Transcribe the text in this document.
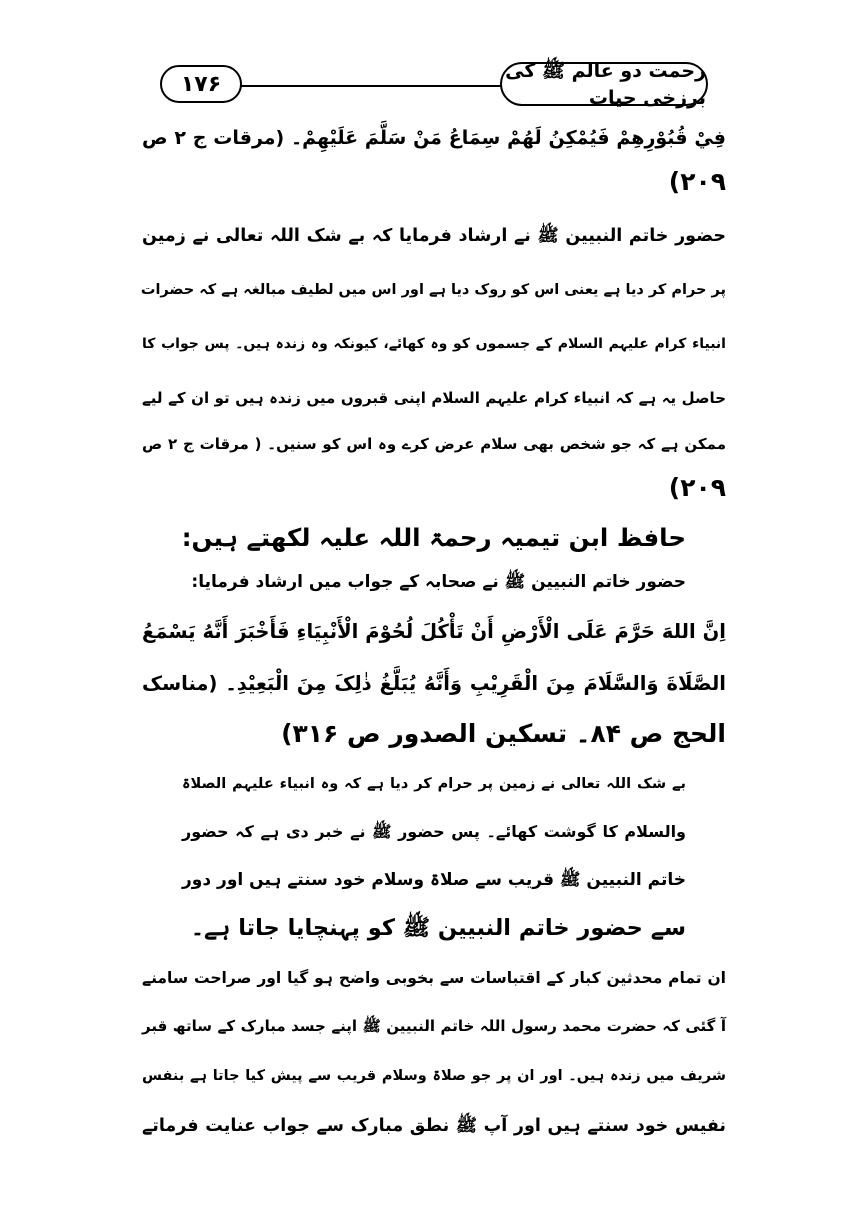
۱۷۶
رحمت دو عالم ﷺ کی برزخی حیات
فِيْ قُبُوْرِهِمْ فَيُمْكِنُ لَهُمْ سِمَاعُ مَنْ سَلَّمَ عَلَيْهِمْ۔ (مرقات ج ۲ ص
۲۰۹)
حضور خاتم النبیین ﷺ نے ارشاد فرمایا کہ بے شک اللہ تعالی نے زمین
پر حرام کر دیا ہے یعنی اس کو روک دیا ہے اور اس میں لطیف مبالغہ ہے کہ حضرات
انبیاء کرام علیہم السلام کے جسموں کو وہ کھائے، کیونکہ وہ زندہ ہیں۔ پس جواب کا
حاصل یہ ہے کہ انبیاء کرام علیہم السلام اپنی قبروں میں زندہ ہیں تو ان کے لیے
ممکن ہے کہ جو شخص بھی سلام عرض کرے وہ اس کو سنیں۔ ( مرقات ج ۲ ص
۲۰۹)
حافظ ابن تیمیہ رحمۃ اللہ علیہ لکھتے ہیں:
حضور خاتم النبیین ﷺ نے صحابہ کے جواب میں ارشاد فرمایا:
اِنَّ اللهَ حَرَّمَ عَلَى الْأَرْضِ أَنْ تَأْكُلَ لُحُوْمَ الْأَنْبِيَاءِ فَأَخْبَرَ أَنَّهُ يَسْمَعُ
الصَّلَاةَ وَالسَّلَامَ مِنَ الْقَرِيْبِ وَأَنَّهُ يُبَلَّغُ ذٰلِکَ مِنَ الْبَعِيْدِ۔ (مناسک
الحج ص ۸۴۔ تسکین الصدور ص ۳۱۶)
بے شک اللہ تعالی نے زمین پر حرام کر دیا ہے کہ وہ انبیاء علیہم الصلاۃ
والسلام کا گوشت کھائے۔ پس حضور ﷺ نے خبر دی ہے کہ حضور
خاتم النبیین ﷺ قریب سے صلاۃ وسلام خود سنتے ہیں اور دور
سے حضور خاتم النبیین ﷺ کو پہنچایا جاتا ہے۔
ان تمام محدثین کبار کے اقتباسات سے بخوبی واضح ہو گیا اور صراحت سامنے
آ گئی کہ حضرت محمد رسول اللہ خاتم النبیین ﷺ اپنے جسد مبارک کے ساتھ قبر
شریف میں زندہ ہیں۔ اور ان پر جو صلاۃ وسلام قریب سے پیش کیا جاتا ہے بنفس
نفیس خود سنتے ہیں اور آپ ﷺ نطق مبارک سے جواب عنایت فرماتے
